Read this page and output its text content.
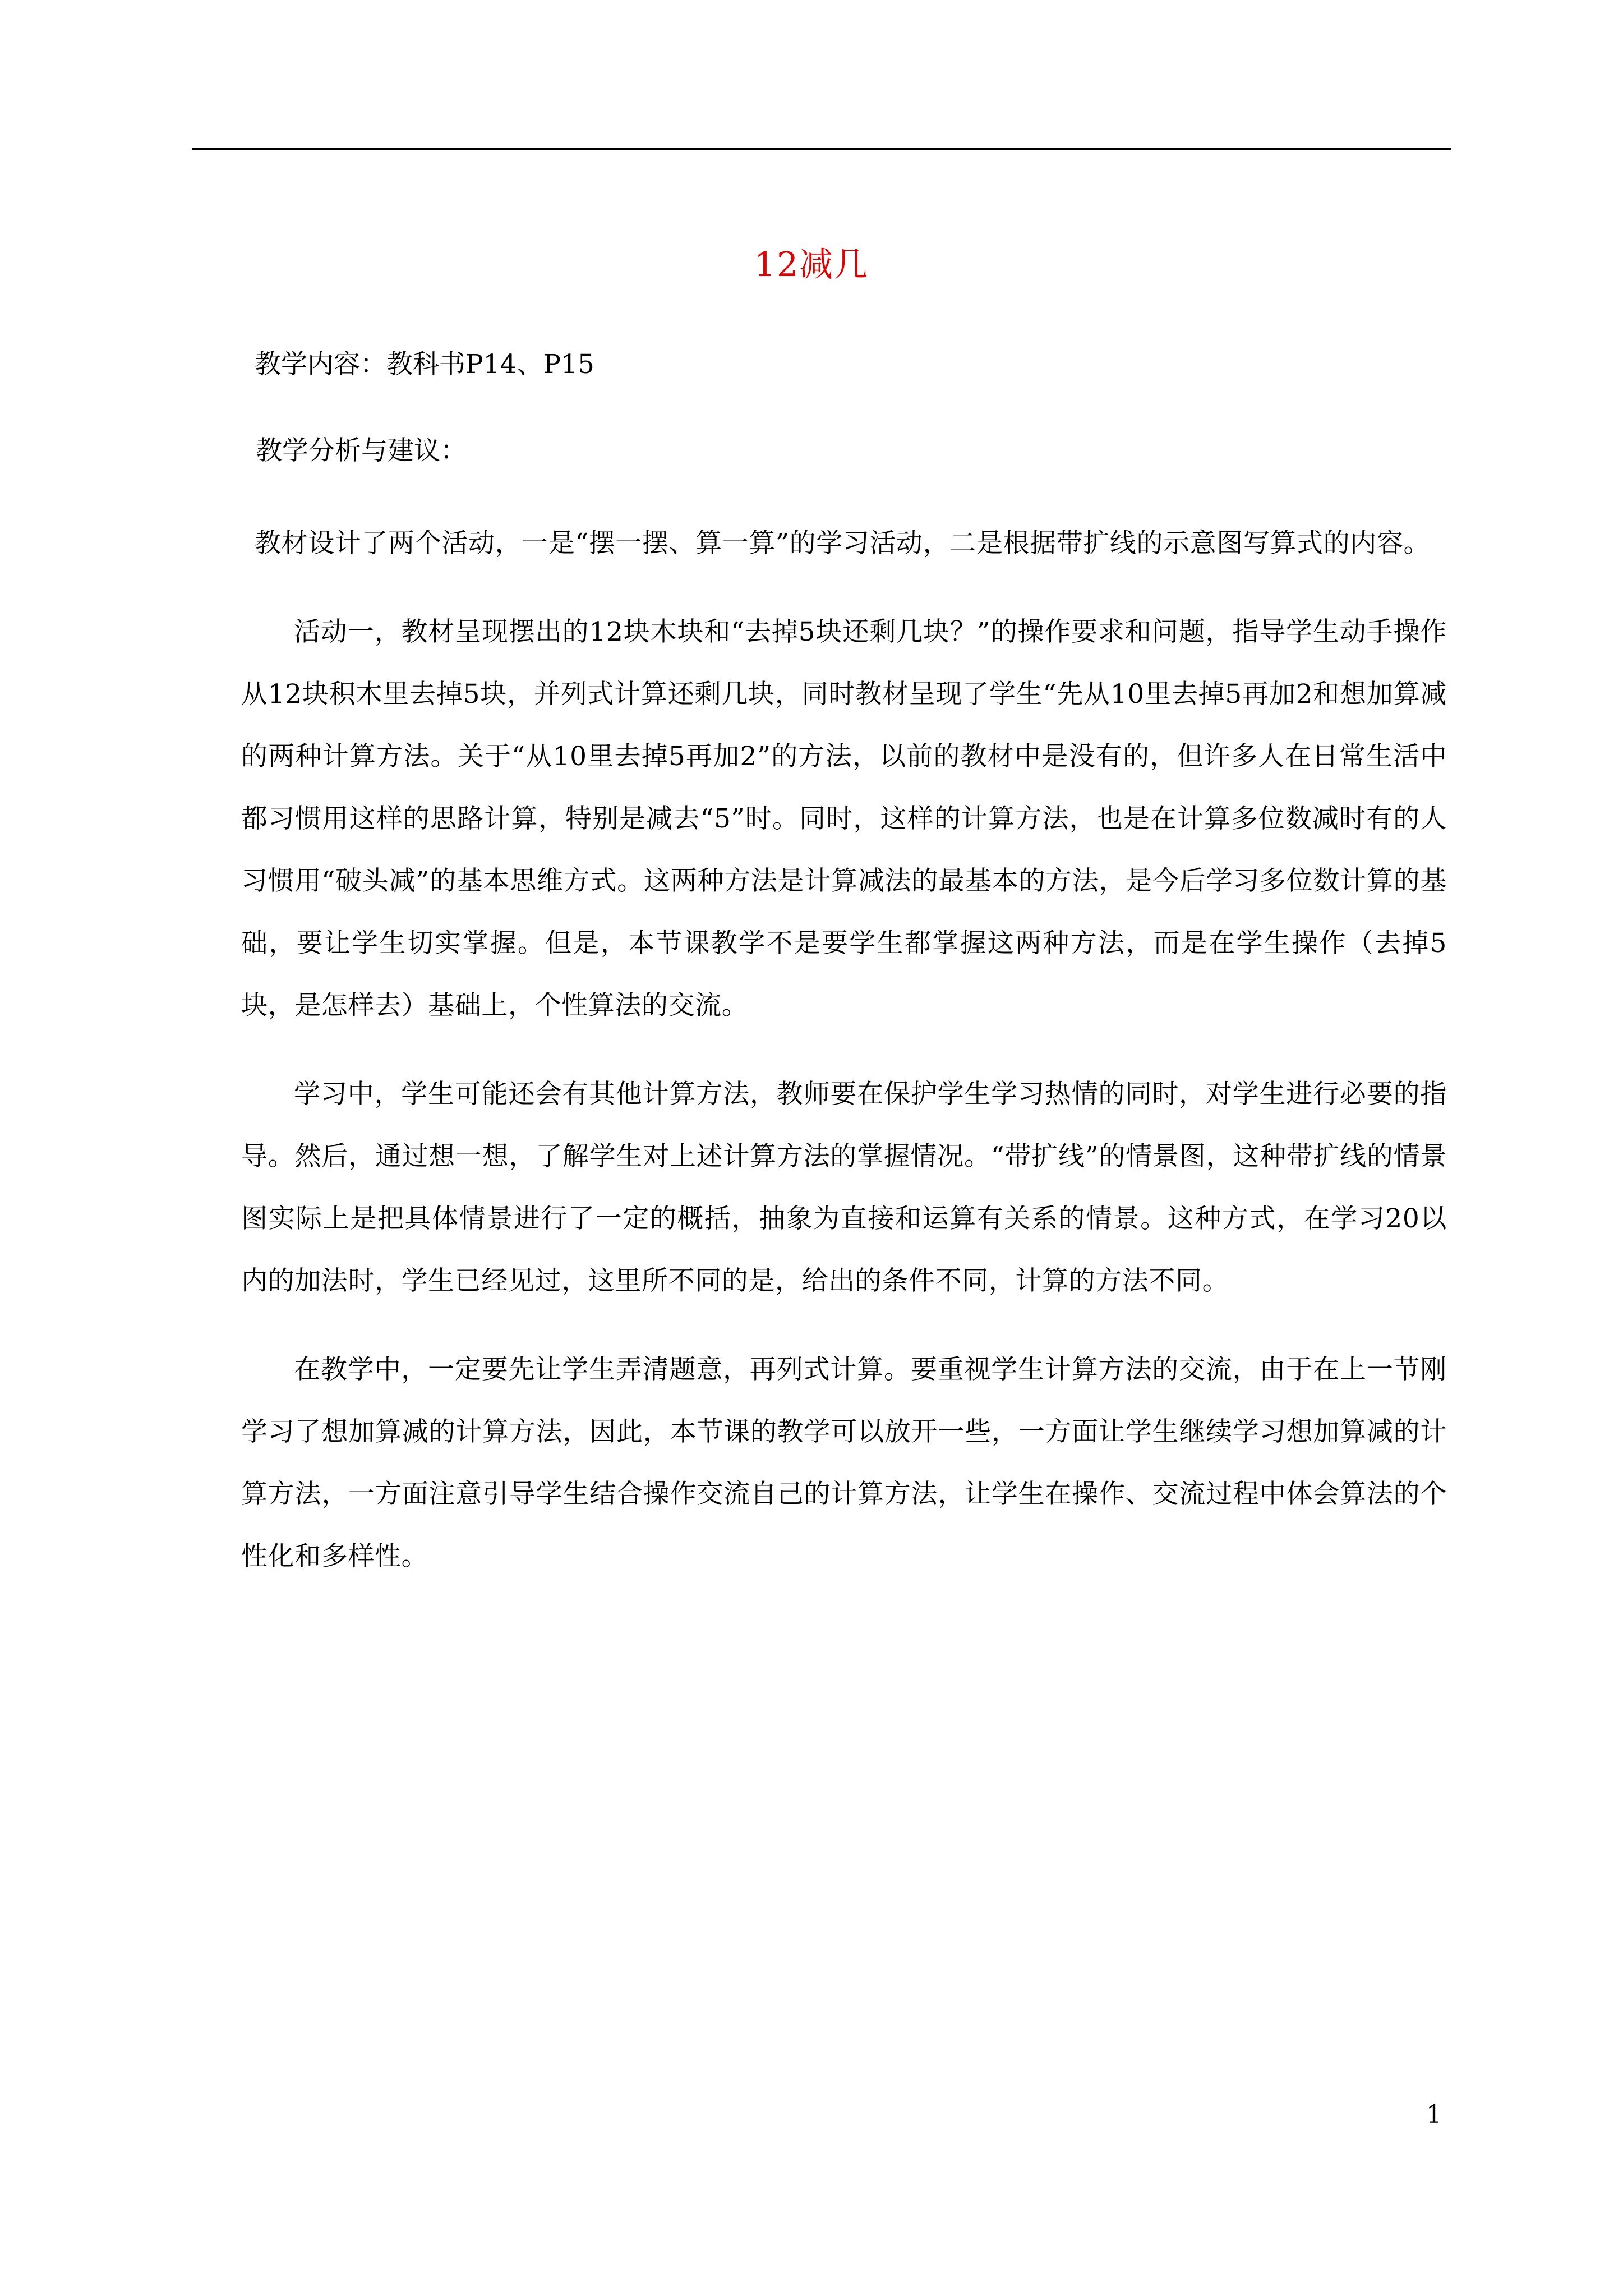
12减几

教学内容：教科书P14、P15

教学分析与建议：

教材设计了两个活动，一是“摆一摆、算一算”的学习活动，二是根据带扩线的示意图写算式的内容。

活动一，教材呈现摆出的12块木块和“去掉5块还剩几块？”的操作要求和问题，指导学生动手操作从12块积木里去掉5块，并列式计算还剩几块，同时教材呈现了学生“先从10里去掉5再加2和想加算减的两种计算方法。关于“从10里去掉5再加2”的方法，以前的教材中是没有的，但许多人在日常生活中都习惯用这样的思路计算，特别是减去“5”时。同时，这样的计算方法，也是在计算多位数减时有的人习惯用“破头减”的基本思维方式。这两种方法是计算减法的最基本的方法，是今后学习多位数计算的基础，要让学生切实掌握。但是，本节课教学不是要学生都掌握这两种方法，而是在学生操作（去掉5块，是怎样去）基础上，个性算法的交流。

学习中，学生可能还会有其他计算方法，教师要在保护学生学习热情的同时，对学生进行必要的指导。然后，通过想一想，了解学生对上述计算方法的掌握情况。“带扩线”的情景图，这种带扩线的情景图实际上是把具体情景进行了一定的概括，抽象为直接和运算有关系的情景。这种方式，在学习20以内的加法时，学生已经见过，这里所不同的是，给出的条件不同，计算的方法不同。

在教学中，一定要先让学生弄清题意，再列式计算。要重视学生计算方法的交流，由于在上一节刚学习了想加算减的计算方法，因此，本节课的教学可以放开一些，一方面让学生继续学习想加算减的计算方法，一方面注意引导学生结合操作交流自己的计算方法，让学生在操作、交流过程中体会算法的个性化和多样性。

1
